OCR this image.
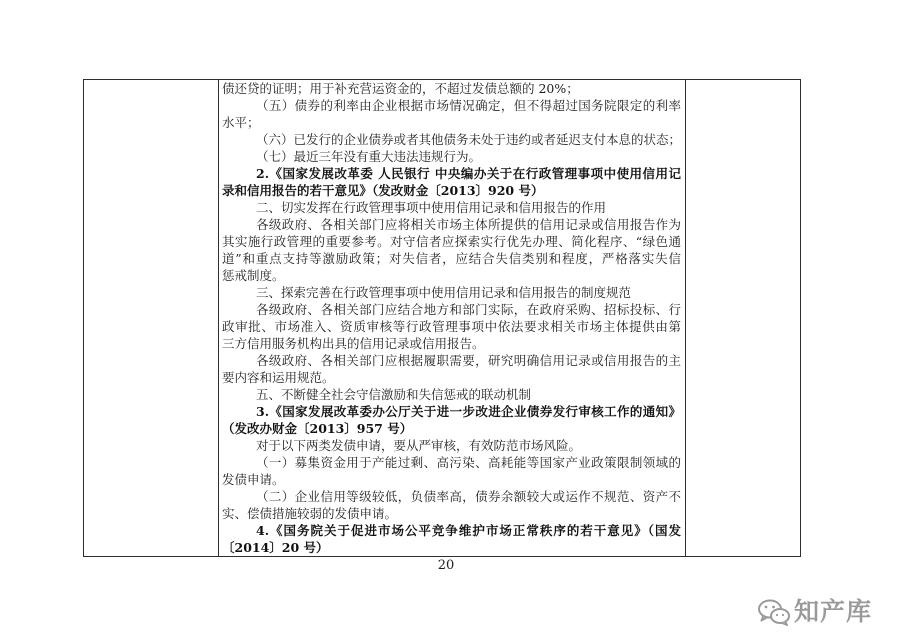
债还贷的证明；用于补充营运资金的，不超过发债总额的 20%；
（五）债券的利率由企业根据市场情况确定，但不得超过国务院限定的利率
水平；
（六）已发行的企业债券或者其他债务未处于违约或者延迟支付本息的状态；
（七）最近三年没有重大违法违规行为。
2.《国家发展改革委 人民银行 中央编办关于在行政管理事项中使用信用记
录和信用报告的若干意见》（发改财金〔2013〕920 号）
二、切实发挥在行政管理事项中使用信用记录和信用报告的作用
各级政府、各相关部门应将相关市场主体所提供的信用记录或信用报告作为
其实施行政管理的重要参考。对守信者应探索实行优先办理、简化程序、“绿色通
道”和重点支持等激励政策；对失信者，应结合失信类别和程度，严格落实失信
惩戒制度。
三、探索完善在行政管理事项中使用信用记录和信用报告的制度规范
各级政府、各相关部门应结合地方和部门实际，在政府采购、招标投标、行
政审批、市场准入、资质审核等行政管理事项中依法要求相关市场主体提供由第
三方信用服务机构出具的信用记录或信用报告。
各级政府、各相关部门应根据履职需要，研究明确信用记录或信用报告的主
要内容和运用规范。
五、不断健全社会守信激励和失信惩戒的联动机制
3.《国家发展改革委办公厅关于进一步改进企业债券发行审核工作的通知》
（发改办财金〔2013〕957 号）
对于以下两类发债申请，要从严审核，有效防范市场风险。
（一）募集资金用于产能过剩、高污染、高耗能等国家产业政策限制领域的
发债申请。
（二）企业信用等级较低，负债率高，债券余额较大或运作不规范、资产不
实、偿债措施较弱的发债申请。
4.《国务院关于促进市场公平竞争维护市场正常秩序的若干意见》（国发
〔2014〕20 号）
20
知产库
